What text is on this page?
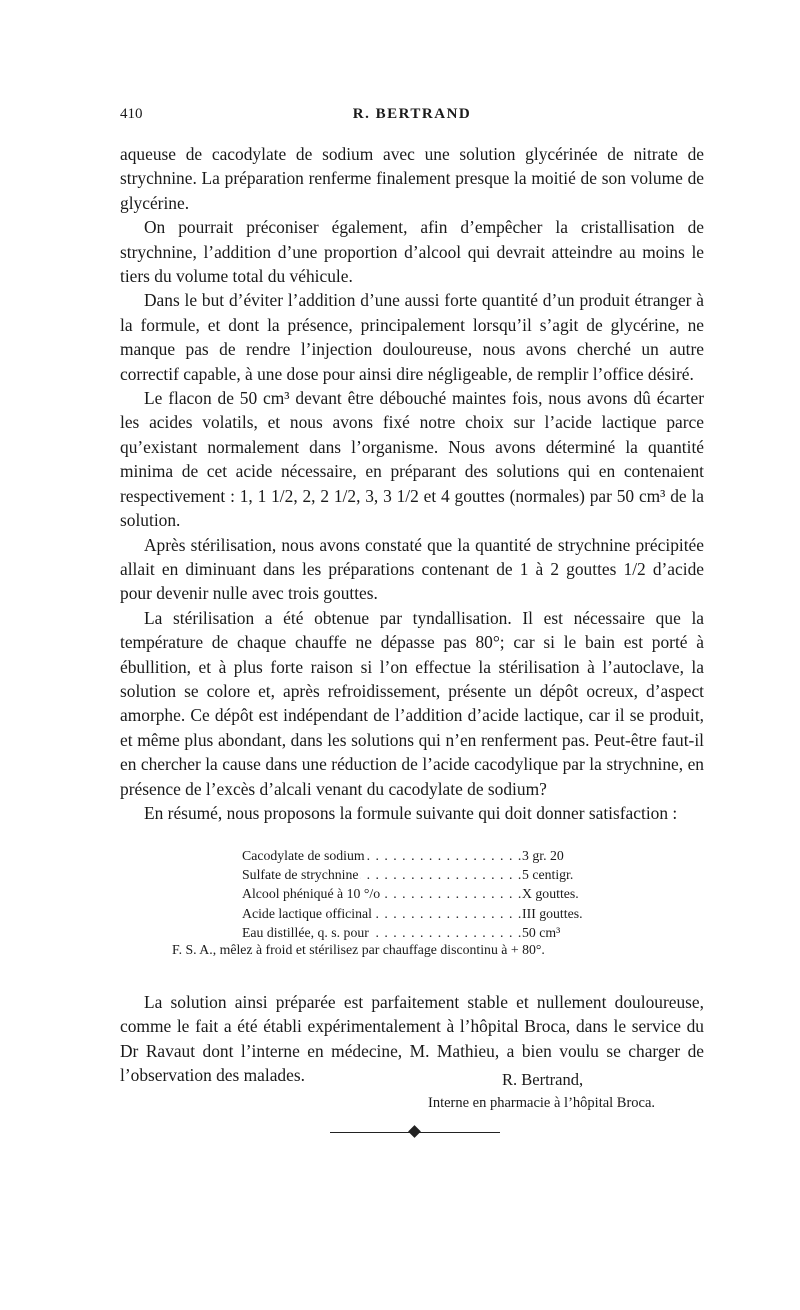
410	R. BERTRAND

aqueuse de cacodylate de sodium avec une solution glycérinée de nitrate de strychnine. La préparation renferme finalement presque la moitié de son volume de glycérine.

On pourrait préconiser également, afin d’empêcher la cristallisation de strychnine, l’addition d’une proportion d’alcool qui devrait atteindre au moins le tiers du volume total du véhicule.

Dans le but d’éviter l’addition d’une aussi forte quantité d’un produit étranger à la formule, et dont la présence, principalement lorsqu’il s’agit de glycérine, ne manque pas de rendre l’injection douloureuse, nous avons cherché un autre correctif capable, à une dose pour ainsi dire négligeable, de remplir l’office désiré.

Le flacon de 50 cm³ devant être débouché maintes fois, nous avons dû écarter les acides volatils, et nous avons fixé notre choix sur l’acide lactique parce qu’existant normalement dans l’organisme. Nous avons déterminé la quantité minima de cet acide nécessaire, en préparant des solutions qui en contenaient respectivement : 1, 1 1/2, 2, 2 1/2, 3, 3 1/2 et 4 gouttes (normales) par 50 cm³ de la solution.

Après stérilisation, nous avons constaté que la quantité de strychnine précipitée allait en diminuant dans les préparations contenant de 1 à 2 gouttes 1/2 d’acide pour devenir nulle avec trois gouttes.

La stérilisation a été obtenue par tyndallisation. Il est nécessaire que la température de chaque chauffe ne dépasse pas 80°; car si le bain est porté à ébullition, et à plus forte raison si l’on effectue la stérilisation à l’autoclave, la solution se colore et, après refroidissement, présente un dépôt ocreux, d’aspect amorphe. Ce dépôt est indépendant de l’addition d’acide lactique, car il se produit, et même plus abondant, dans les solutions qui n’en renferment pas. Peut-être faut-il en chercher la cause dans une réduction de l’acide cacodylique par la strychnine, en présence de l’excès d’alcali venant du cacodylate de sodium?

En résumé, nous proposons la formule suivante qui doit donner satisfaction :

Cacodylate de sodium . . .	3 gr. 20
Sulfate de strychnine . . .	5 centigr.
Alcool phéniqué à 10 °/o . . .	X gouttes.
Acide lactique officinal . . .	III gouttes.
Eau distillée, q. s. pour . . .	50 cm³
F. S. A., mêlez à froid et stérilisez par chauffage discontinu à + 80°.

La solution ainsi préparée est parfaitement stable et nullement douloureuse, comme le fait a été établi expérimentalement à l’hôpital Broca, dans le service du Dr Ravaut dont l’interne en médecine, M. Mathieu, a bien voulu se charger de l’observation des malades.	R. Bertrand,
Interne en pharmacie à l’hôpital Broca.
